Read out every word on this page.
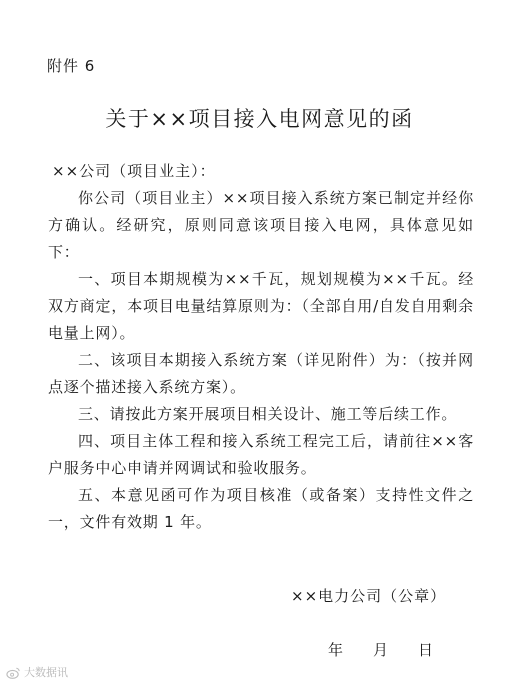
附件 6
关于××项目接入电网意见的函
××公司（项目业主）：

你公司（项目业主）××项目接入系统方案已制定并经你方确认。经研究，原则同意该项目接入电网，具体意见如下：

一、项目本期规模为××千瓦，规划规模为××千瓦。经双方商定，本项目电量结算原则为：（全部自用/自发自用剩余电量上网）。

二、该项目本期接入系统方案（详见附件）为：（按并网点逐个描述接入系统方案）。

三、请按此方案开展项目相关设计、施工等后续工作。

四、项目主体工程和接入系统工程完工后，请前往××客户服务中心申请并网调试和验收服务。

五、本意见函可作为项目核准（或备案）支持性文件之一，文件有效期 1 年。

××电力公司（公章）
年 月 日
大数据讯
